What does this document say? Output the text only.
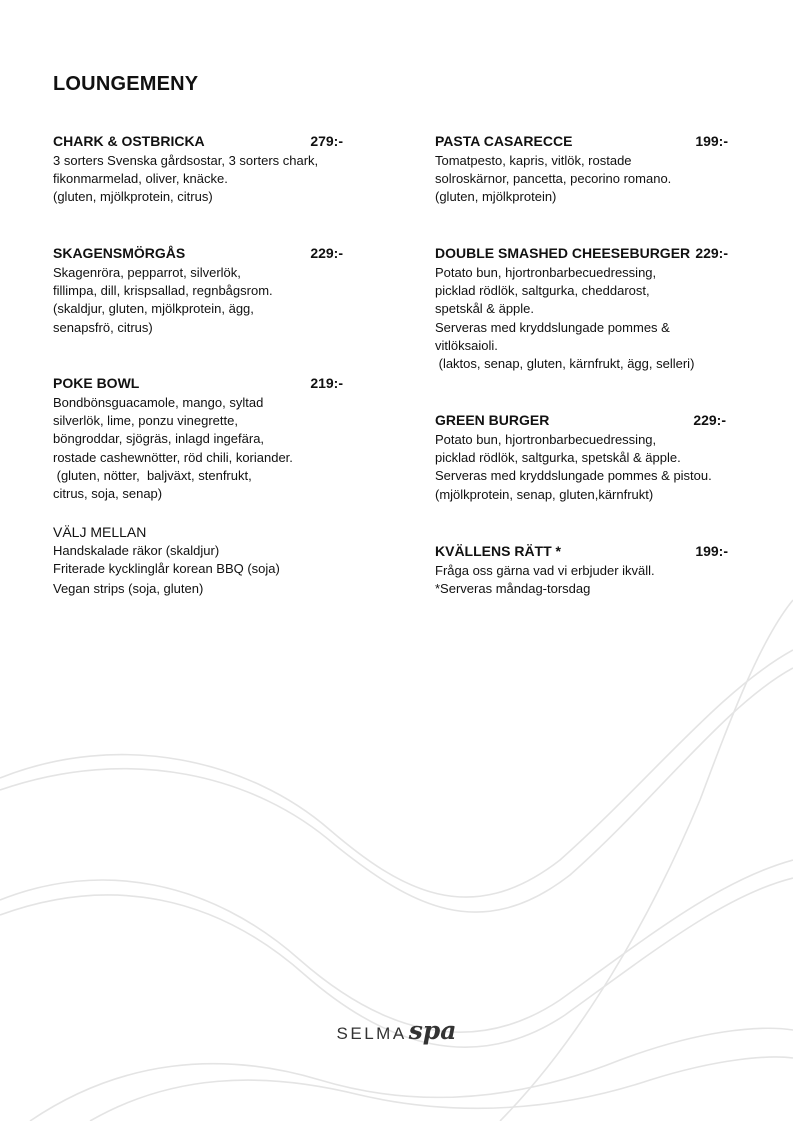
LOUNGEMENY
CHARK & OSTBRICKA	279:-
3 sorters Svenska gårdsostar, 3 sorters chark,
fikonmarmelad, oliver, knäcke.
(gluten, mjölkprotein, citrus)
SKAGENSMÖRGÅS	229:-
Skagenröra, pepparrot, silverlök,
fillimpa, dill, krispsallad, regnbågsrom.
(skaldjur, gluten, mjölkprotein, ägg,
senapsfrö, citrus)
POKE BOWL	219:-
Bondbönsguacamole, mango, syltad
silverlök, lime, ponzu vinegrette,
böngroddar, sjögräs, inlagd ingefära,
rostade cashewnötter, röd chili, koriander.
(gluten, nötter,  baljväxt, stenfrukt,
citrus, soja, senap)
VÄLJ MELLAN
Handskalade räkor (skaldjur)
Friterade kycklinglår korean BBQ (soja)
Vegan strips (soja, gluten)
PASTA CASARECCE	199:-
Tomatpesto, kapris, vitlök, rostade
solroskärnor, pancetta, pecorino romano.
(gluten, mjölkprotein)
DOUBLE SMASHED CHEESEBURGER 229:-
Potato bun, hjortronbarbecuedressing,
picklad rödlök, saltgurka, cheddarost,
spetskål & äpple.
Serveras med kryddslungade pommes &
vitlöksaioli.
(laktos, senap, gluten, kärnfrukt, ägg, selleri)
GREEN BURGER	229:-
Potato bun, hjortronbarbecuedressing,
picklad rödlök, saltgurka, spetskål & äpple.
Serveras med kryddslungade pommes & pistou.
(mjölkprotein, senap, gluten,kärnfrukt)
KVÄLLENS RÄTT *	199:-
Fråga oss gärna vad vi erbjuder ikväll.
*Serveras måndag-torsdag
SELMAspa
